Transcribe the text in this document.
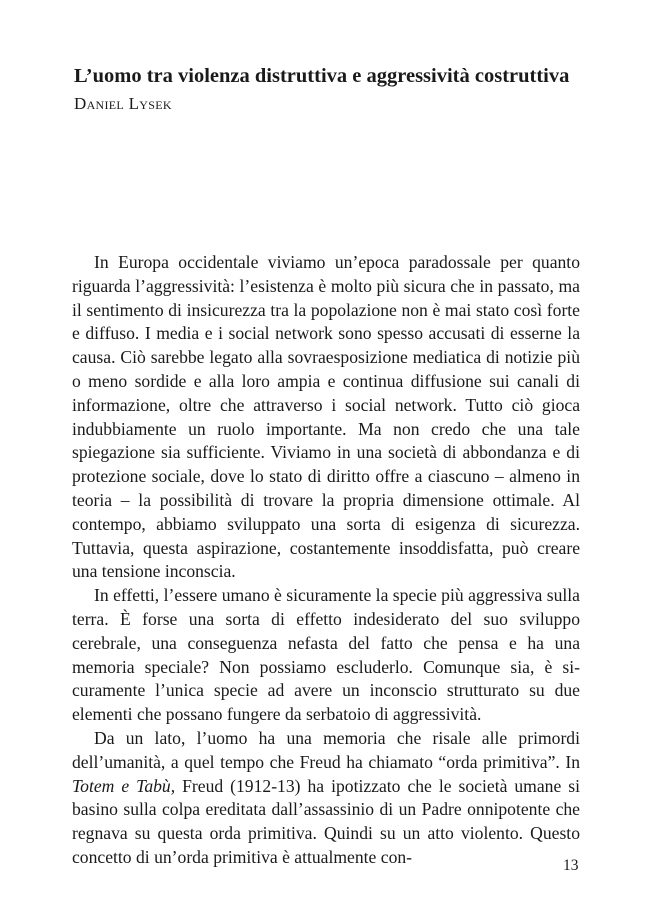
L’uomo tra violenza distruttiva e aggressività costruttiva

Daniel Lysek

In Europa occidentale viviamo un’epoca paradossale per quanto riguarda l’aggressività: l’esistenza è molto più sicura che in passato, ma il sentimento di insicurezza tra la popolazione non è mai stato così forte e diffuso. I media e i social network sono spesso accusati di esserne la causa. Ciò sarebbe legato alla sovraesposizione mediatica di notizie più o meno sordide e alla loro ampia e continua diffusione sui canali di informazione, oltre che attraverso i social network. Tutto ciò gioca indubbiamente un ruolo importante. Ma non credo che una tale spiegazione sia sufficiente. Viviamo in una società di abbondanza e di protezione sociale, dove lo stato di diritto offre a ciascuno – almeno in teoria – la possibilità di trovare la propria dimensione ottimale. Al contempo, abbiamo sviluppato una sorta di esigenza di sicurezza. Tuttavia, questa aspirazione, costantemente insoddisfatta, può creare una tensione inconscia.

In effetti, l’essere umano è sicuramente la specie più aggressiva sulla terra. È forse una sorta di effetto indesiderato del suo sviluppo cerebrale, una conseguenza nefasta del fatto che pensa e ha una memoria speciale? Non possiamo escluderlo. Comunque sia, è sicuramente l’unica specie ad avere un inconscio strutturato su due elementi che possano fungere da serbatoio di aggressività.

Da un lato, l’uomo ha una memoria che risale alle primordi dell’umanità, a quel tempo che Freud ha chiamato “orda primitiva”. In Totem e Tabù, Freud (1912-13) ha ipotizzato che le società umane si basino sulla colpa ereditata dall’assassinio di un Padre onnipotente che regnava su questa orda primitiva. Quindi su un atto violento. Questo concetto di un’orda primitiva è attualmente con-	13
